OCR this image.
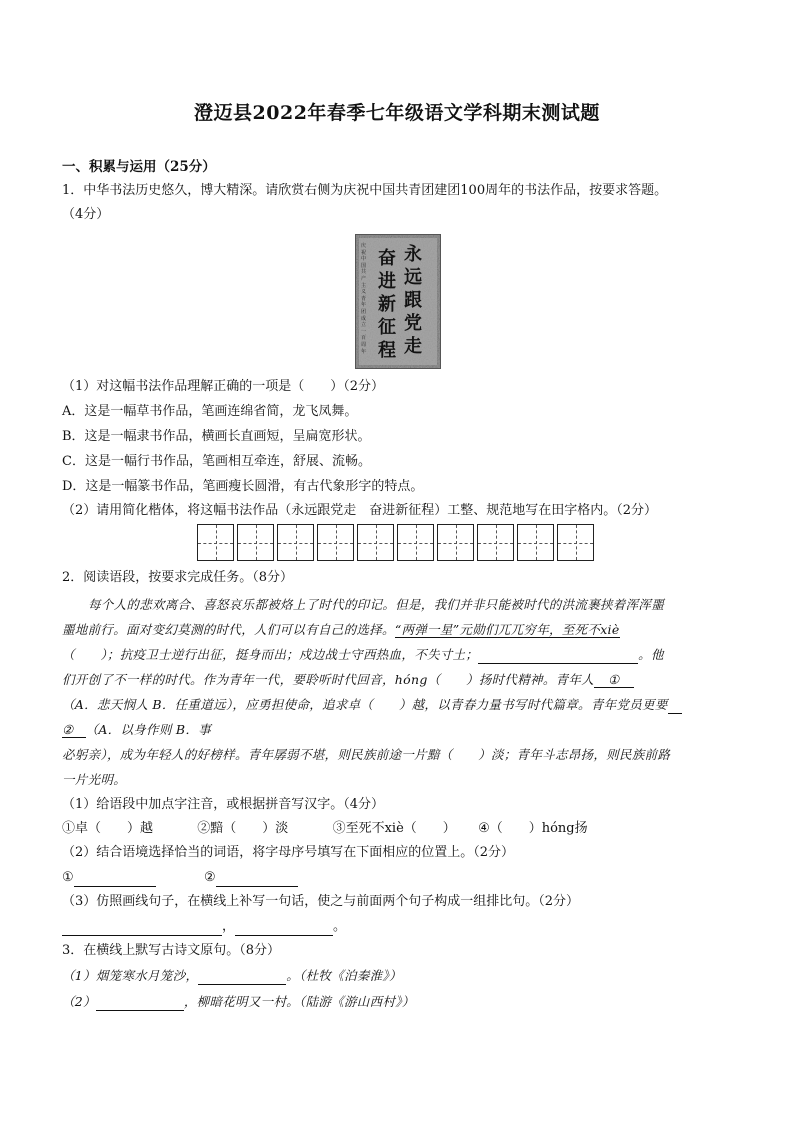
澄迈县2022年春季七年级语文学科期末测试题
一、积累与运用（25分）
1．中华书法历史悠久，博大精深。请欣赏右侧为庆祝中国共青团建团100周年的书法作品，按要求答题。
（4分）
永远跟党走
奋进新征程
庆祝中国共产主义青年团成立一百周年
（1）对这幅书法作品理解正确的一项是（　　）（2分）
A．这是一幅草书作品，笔画连绵省简，龙飞凤舞。
B．这是一幅隶书作品，横画长直画短，呈扁宽形状。
C．这是一幅行书作品，笔画相互牵连，舒展、流畅。
D．这是一幅篆书作品，笔画瘦长圆滑，有古代象形字的特点。
（2）请用简化楷体，将这幅书法作品（永远跟党走　奋进新征程）工整、规范地写在田字格内。（2分）
2．阅读语段，按要求完成任务。（8分）
每个人的悲欢离合、喜怒哀乐都被烙上了时代的印记。但是，我们并非只能被时代的洪流裹挟着浑浑噩
噩地前行。面对变幻莫测的时代，人们可以有自己的选择。“两弹一星”元勋们兀兀穷年，至死不xiè
（　　）；抗疫卫士逆行出征，挺身而出；戍边战士守西热血，不失寸土；	。他
们开创了不一样的时代。作为青年一代，要聆听时代回音，hóng（　　）扬时代精神。青年人 ①
（A．悲天悯人 B．任重道远），应勇担使命，追求卓（　　）越，以青春力量书写时代篇章。青年党员更要
② （A．以身作则 B．事
必躬亲），成为年轻人的好榜样。青年孱弱不堪，则民族前途一片黯（　　）淡；青年斗志昂扬，则民族前路
一片光明。
（1）给语段中加点字注音，或根据拼音写汉字。（4分）
①卓（　　）越	②黯（　　）淡	③至死不xiè（　　） ④（　　）hóng扬
（2）结合语境选择恰当的词语，将字母序号填写在下面相应的位置上。（2分）
①	②
（3）仿照画线句子，在横线上补写一句话，使之与前面两个句子构成一组排比句。（2分）
，	。
3．在横线上默写古诗文原句。（8分）
（1）烟笼寒水月笼沙，	。（杜牧《泊秦淮》）
（2）	，柳暗花明又一村。（陆游《游山西村》）
